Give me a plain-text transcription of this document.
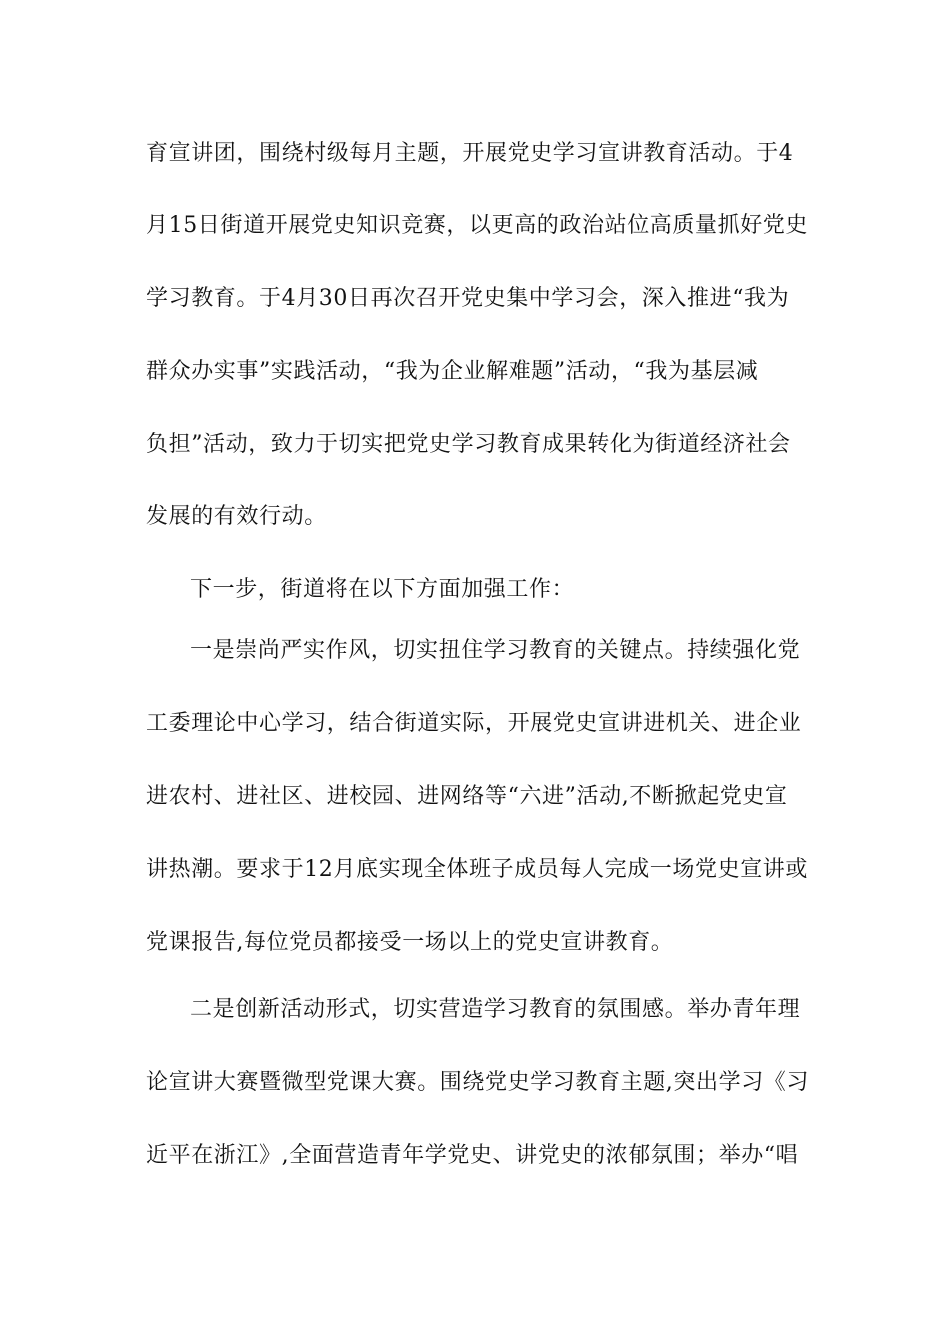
育宣讲团，围绕村级每月主题，开展党史学习宣讲教育活动。于4
月15日街道开展党史知识竞赛，以更高的政治站位高质量抓好党史
学习教育。于4月30日再次召开党史集中学习会，深入推进“我为
群众办实事”实践活动，“我为企业解难题”活动，“我为基层减
负担”活动，致力于切实把党史学习教育成果转化为街道经济社会
发展的有效行动。
下一步，街道将在以下方面加强工作：
一是崇尚严实作风，切实扭住学习教育的关键点。持续强化党
工委理论中心学习，结合街道实际，开展党史宣讲进机关、进企业
进农村、进社区、进校园、进网络等“六进”活动,不断掀起党史宣
讲热潮。要求于12月底实现全体班子成员每人完成一场党史宣讲或
党课报告,每位党员都接受一场以上的党史宣讲教育。
二是创新活动形式，切实营造学习教育的氛围感。举办青年理
论宣讲大赛暨微型党课大赛。围绕党史学习教育主题,突出学习《习
近平在浙江》,全面营造青年学党史、讲党史的浓郁氛围；举办“唱
